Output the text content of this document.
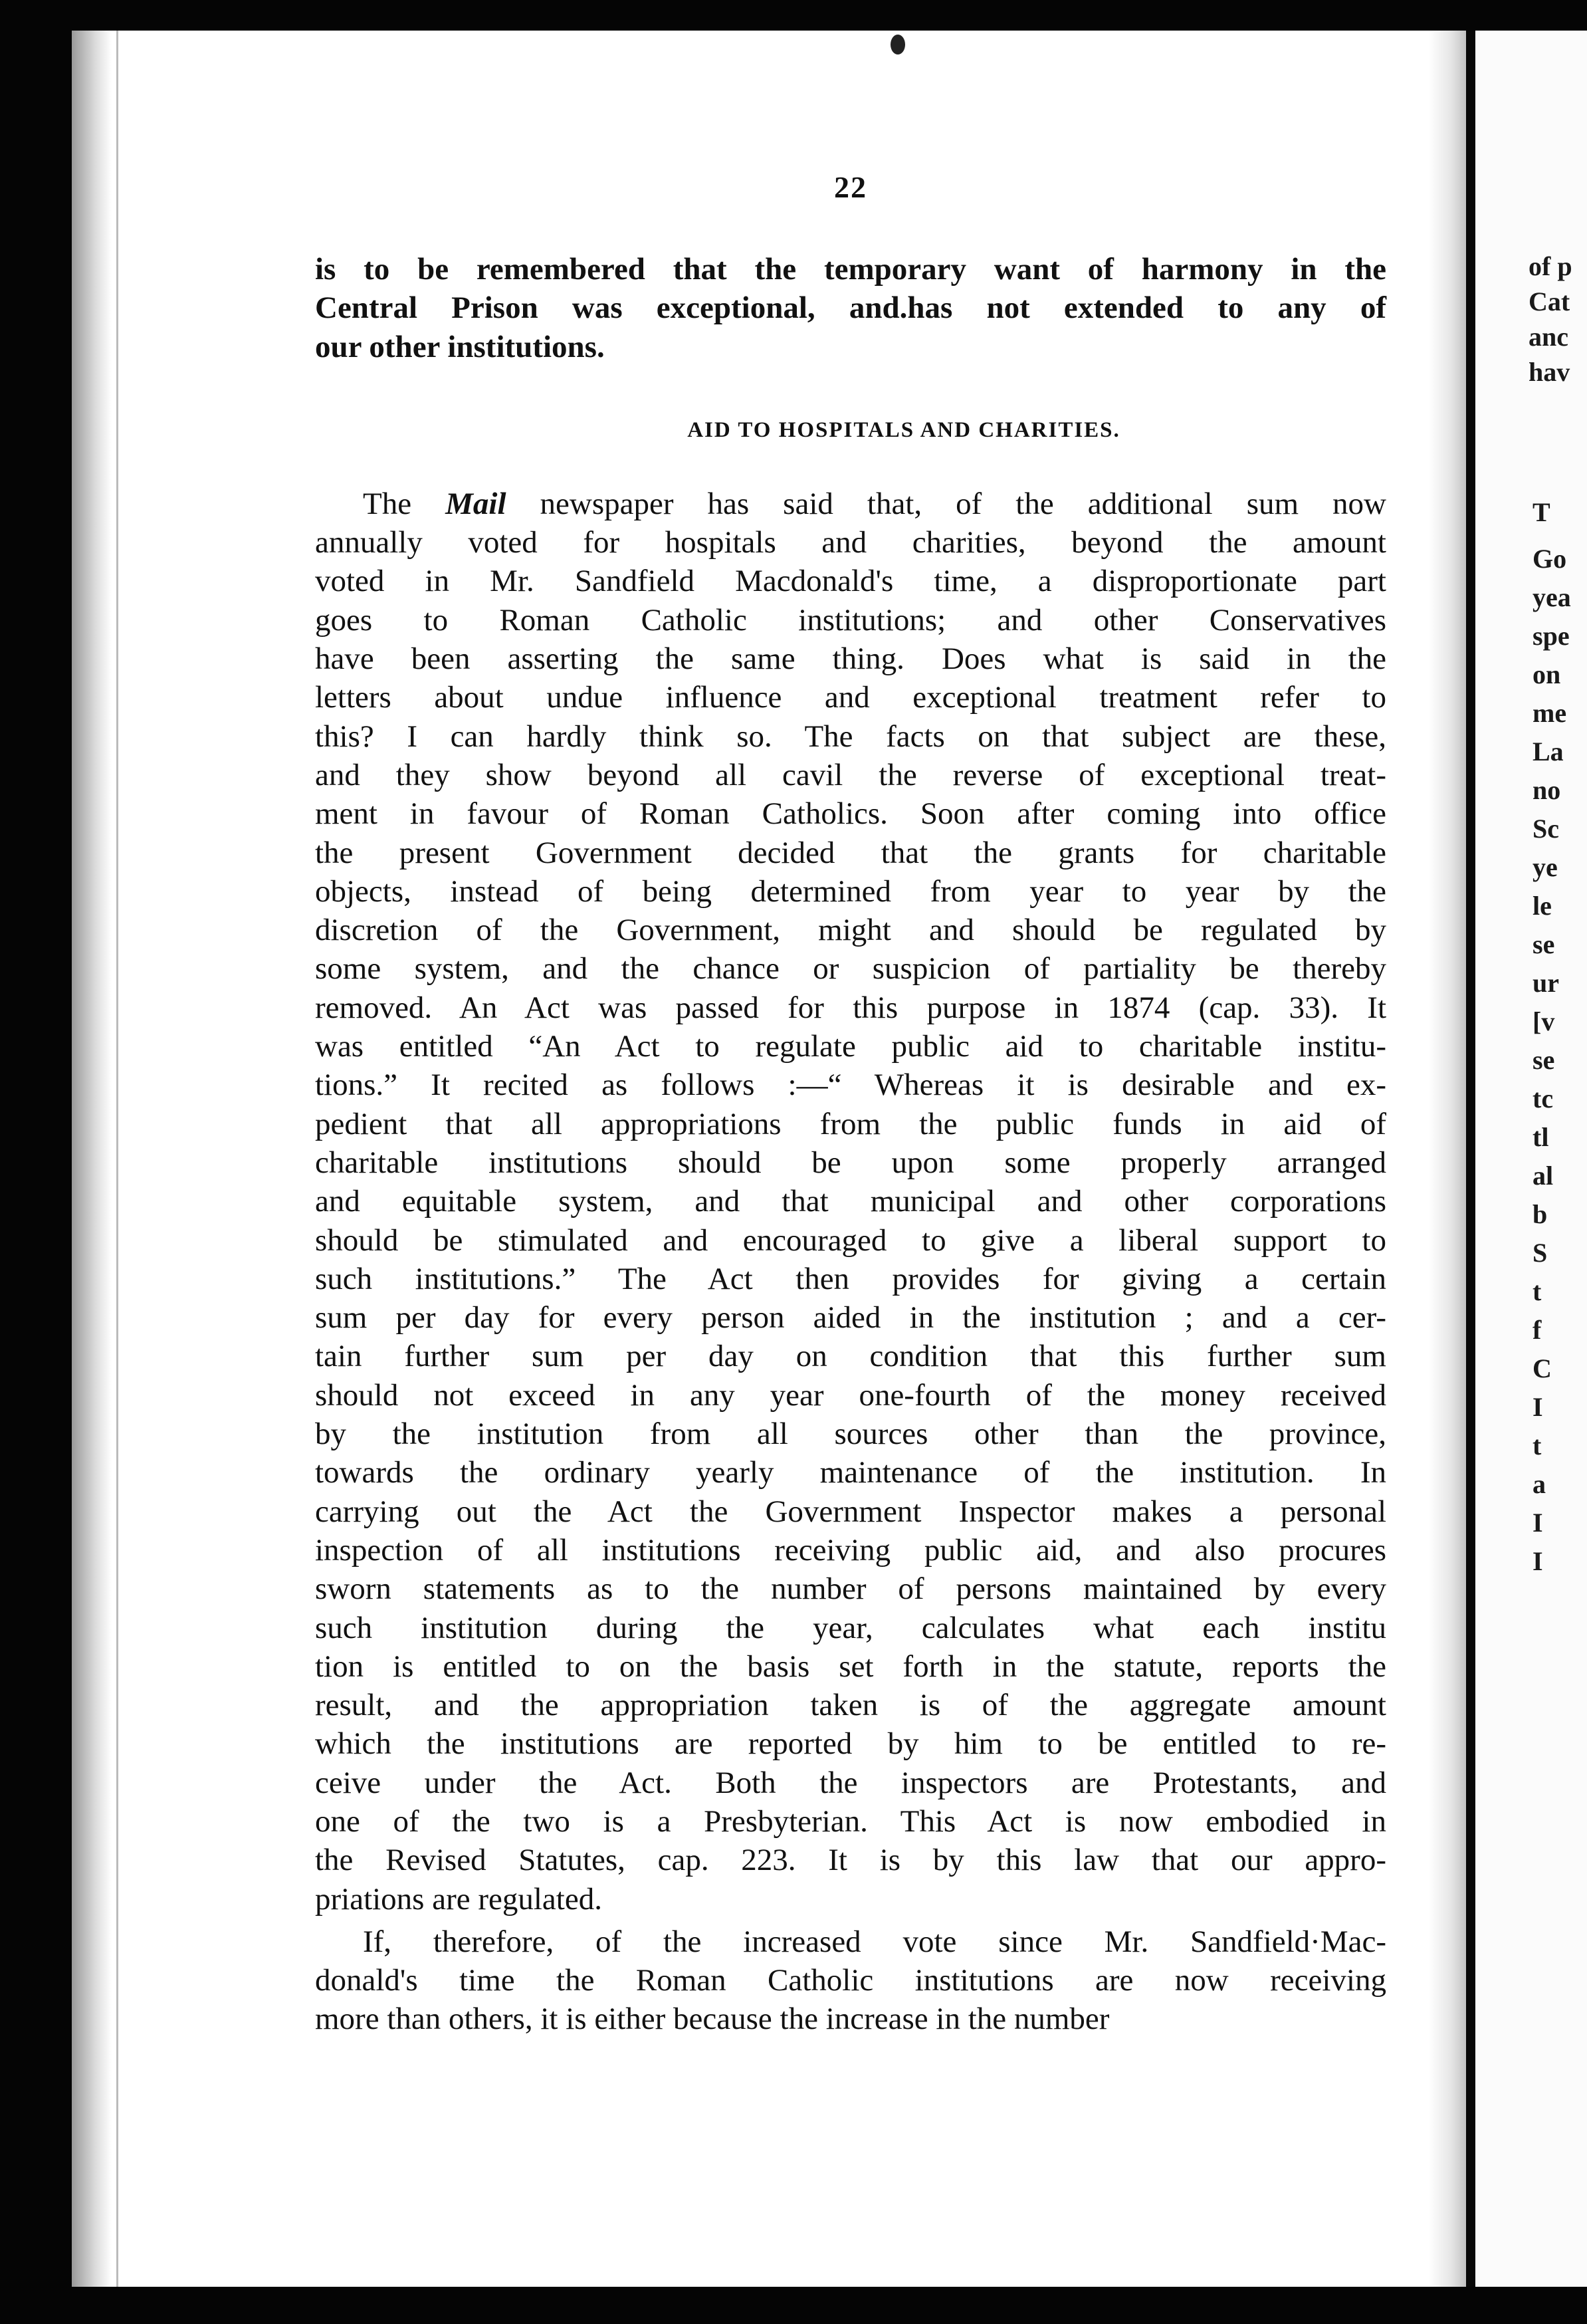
of p
Cat
anc
hav
T
Go
yea
spe
on
me
La
no
Sc
ye
le
se
ur
[v
se
tc
tl
al
b
S
t
f
C
I
t
a
I
I
22
is to be remembered that the temporary want of harmony in the
Central Prison was exceptional, and.has not extended to any of
our other institutions.
AID TO HOSPITALS AND CHARITIES.
The Mail newspaper has said that, of the additional sum now
annually voted for hospitals and charities, beyond the amount
voted in Mr. Sandfield Macdonald's time, a disproportionate part
goes to Roman Catholic institutions; and other Conservatives
have been asserting the same thing. Does what is said in the
letters about undue influence and exceptional treatment refer to
this? I can hardly think so. The facts on that subject are these,
and they show beyond all cavil the reverse of exceptional treat-
ment in favour of Roman Catholics. Soon after coming into office
the present Government decided that the grants for charitable
objects, instead of being determined from year to year by the
discretion of the Government, might and should be regulated by
some system, and the chance or suspicion of partiality be thereby
removed. An Act was passed for this purpose in 1874 (cap. 33). It
was entitled “An Act to regulate public aid to charitable institu-
tions.” It recited as follows :—“ Whereas it is desirable and ex-
pedient that all appropriations from the public funds in aid of
charitable institutions should be upon some properly arranged
and equitable system, and that municipal and other corporations
should be stimulated and encouraged to give a liberal support to
such institutions.” The Act then provides for giving a certain
sum per day for every person aided in the institution ; and a cer-
tain further sum per day on condition that this further sum
should not exceed in any year one-fourth of the money received
by the institution from all sources other than the province,
towards the ordinary yearly maintenance of the institution. In
carrying out the Act the Government Inspector makes a personal
inspection of all institutions receiving public aid, and also procures
sworn statements as to the number of persons maintained by every
such institution during the year, calculates what each institu
tion is entitled to on the basis set forth in the statute, reports the
result, and the appropriation taken is of the aggregate amount
which the institutions are reported by him to be entitled to re-
ceive under the Act. Both the inspectors are Protestants, and
one of the two is a Presbyterian. This Act is now embodied in
the Revised Statutes, cap. 223. It is by this law that our appro-
priations are regulated.
If, therefore, of the increased vote since Mr. Sandfield·Mac-
donald's time the Roman Catholic institutions are now receiving
more than others, it is either because the increase in the number
